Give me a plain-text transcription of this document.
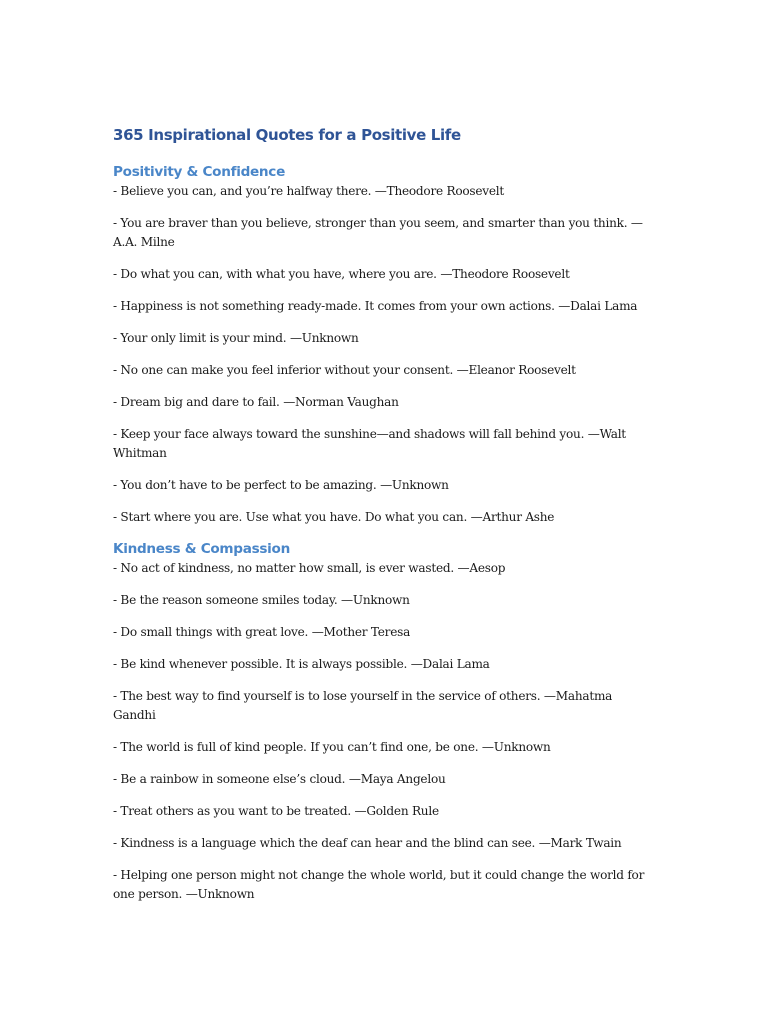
365 Inspirational Quotes for a Positive Life
Positivity & Confidence

- Believe you can, and you’re halfway there. —Theodore Roosevelt

- You are braver than you believe, stronger than you seem, and smarter than you think. —A.A. Milne

- Do what you can, with what you have, where you are. —Theodore Roosevelt

- Happiness is not something ready-made. It comes from your own actions. —Dalai Lama

- Your only limit is your mind. —Unknown

- No one can make you feel inferior without your consent. —Eleanor Roosevelt

- Dream big and dare to fail. —Norman Vaughan

- Keep your face always toward the sunshine—and shadows will fall behind you. —Walt Whitman

- You don’t have to be perfect to be amazing. —Unknown

- Start where you are. Use what you have. Do what you can. —Arthur Ashe

Kindness & Compassion

- No act of kindness, no matter how small, is ever wasted. —Aesop

- Be the reason someone smiles today. —Unknown

- Do small things with great love. —Mother Teresa

- Be kind whenever possible. It is always possible. —Dalai Lama

- The best way to find yourself is to lose yourself in the service of others. —Mahatma Gandhi

- The world is full of kind people. If you can’t find one, be one. —Unknown

- Be a rainbow in someone else’s cloud. —Maya Angelou

- Treat others as you want to be treated. —Golden Rule

- Kindness is a language which the deaf can hear and the blind can see. —Mark Twain

- Helping one person might not change the whole world, but it could change the world for one person. —Unknown
